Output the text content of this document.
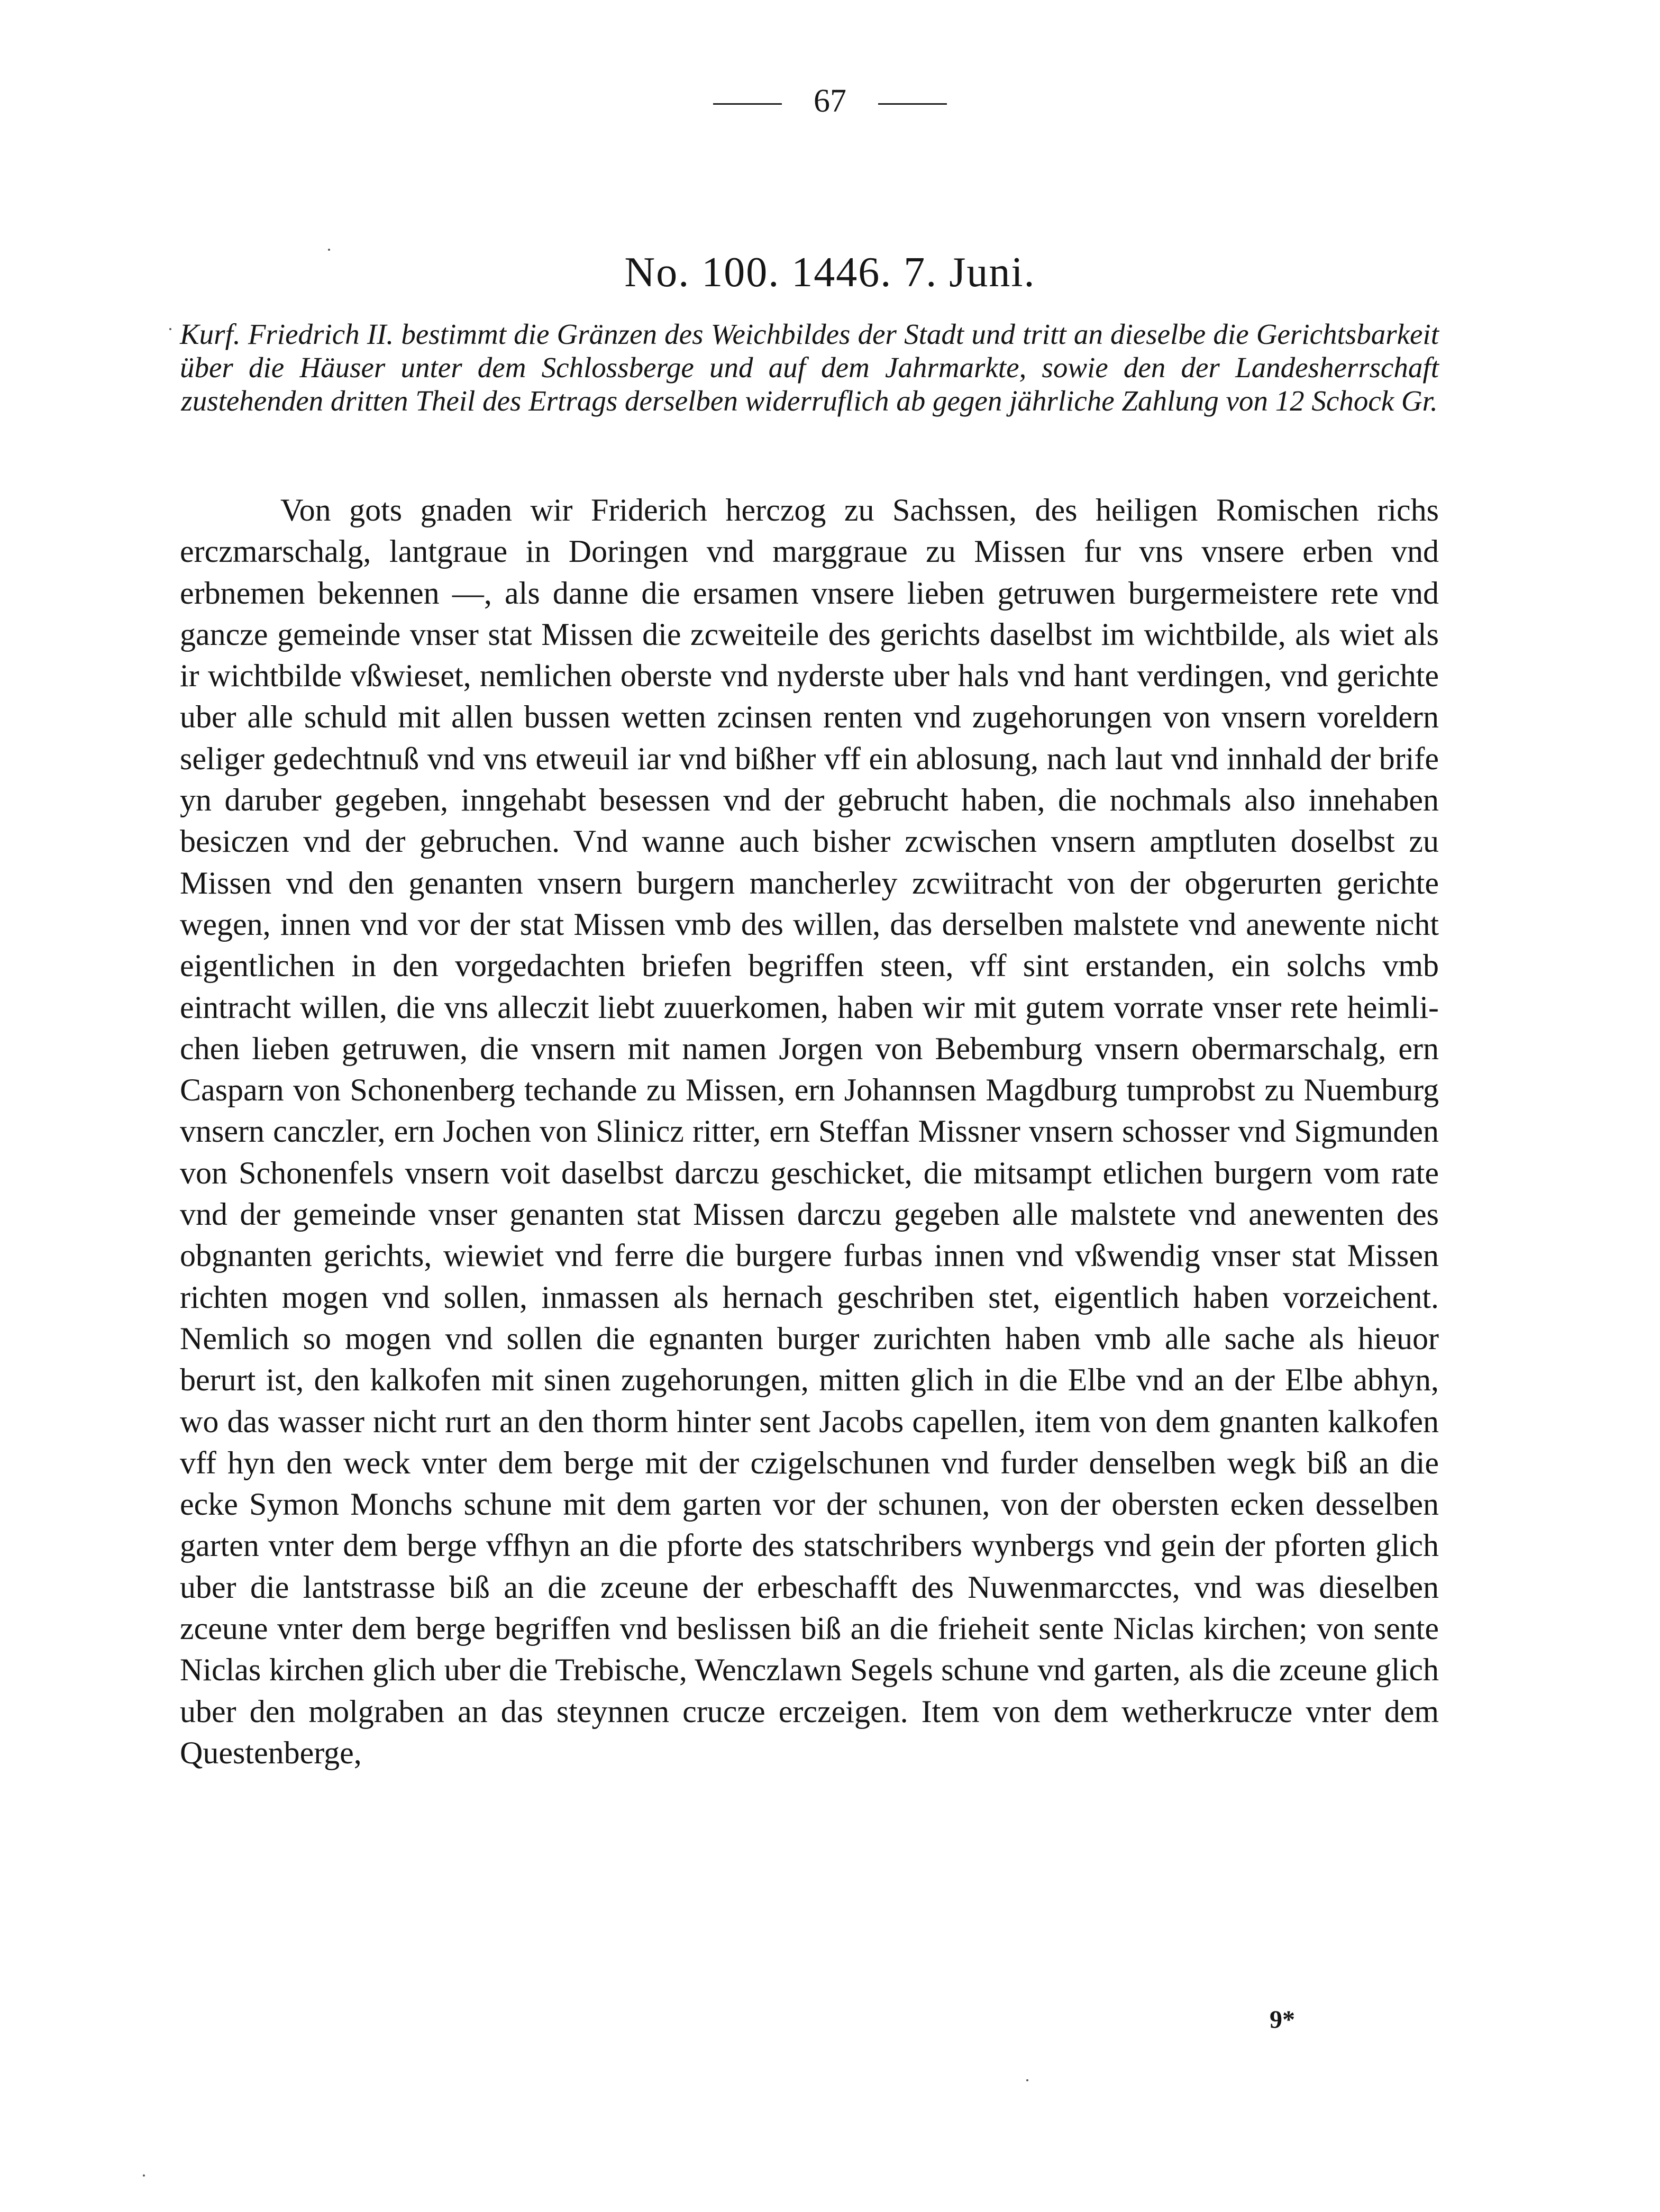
67
No. 100. 1446. 7. Juni.

Kurf. Friedrich II. bestimmt die Gränzen des Weichbildes der Stadt und tritt an dieselbe die Gerichtsbarkeit über die Häuser unter dem Schlossberge und auf dem Jahrmarkte, sowie den der Landesherrschaft zustehenden dritten Theil des Ertrags derselben widerruflich ab gegen jährliche Zahlung von 12 Schock Gr.

Von gots gnaden wir Friderich herczog zu Sachssen, des heiligen Romischen richs erczmarschalg, lantgraue in Doringen vnd marggraue zu Missen fur vns vnsere erben vnd erbnemen bekennen —, als danne die ersamen vnsere lieben getruwen burgermeistere rete vnd gancze gemeinde vnser stat Missen die zcweiteile des gerichts daselbst im wichtbilde, als wiet als ir wichtbilde vßwieset, nemlichen oberste vnd nyderste uber hals vnd hant verdingen, vnd gerichte uber alle schuld mit allen bussen wetten zcinsen renten vnd zugehorungen von vnsern voreldern seliger gedechtnuß vnd vns etweuil iar vnd bißher vff ein ablosung, nach laut vnd innhald der brife yn daruber gegeben, inngehabt besessen vnd der gebrucht haben, die nochmals also innehaben besiczen vnd der gebruchen. Vnd wanne auch bisher zcwischen vnsern amptluten doselbst zu Missen vnd den genanten vnsern burgern mancherley zcwiitracht von der obgerurten gerichte wegen, innen vnd vor der stat Missen vmb des willen, das derselben malstete vnd anewente nicht eigentlichen in den vorgedachten briefen begriffen steen, vff sint erstanden, ein solchs vmb eintracht willen, die vns alleczit liebt zuuerkomen, haben wir mit gutem vorrate vnser rete heimlichen lieben getruwen, die vnsern mit namen Jorgen von Bebemburg vnsern obermarschalg, ern Casparn von Schonenberg techande zu Missen, ern Johannsen Magdburg tumprobst zu Nuemburg vnsern canczler, ern Jochen von Slinicz ritter, ern Steffan Missner vnsern schosser vnd Sigmunden von Schonenfels vnsern voit daselbst darczu geschicket, die mitsampt etlichen burgern vom rate vnd der gemeinde vnser genanten stat Missen darczu gegeben alle malstete vnd anewenten des obgnanten gerichts, wiewiet vnd ferre die burgere furbas innen vnd vßwendig vnser stat Missen richten mogen vnd sollen, inmassen als hernach geschriben stet, eigentlich haben vorzeichent. Nemlich so mogen vnd sollen die egnanten burger zurichten haben vmb alle sache als hieuor berurt ist, den kalkofen mit sinen zugehorungen, mitten glich in die Elbe vnd an der Elbe abhyn, wo das wasser nicht rurt an den thorm hinter sent Jacobs capellen, item von dem gnanten kalkofen vff hyn den weck vnter dem berge mit der czigelschunen vnd furder denselben wegk biß an die ecke Symon Monchs schune mit dem garten vor der schunen, von der obersten ecken desselben garten vnter dem berge vffhyn an die pforte des statschribers wynbergs vnd gein der pforten glich uber die lantstrasse biß an die zceune der erbeschafft des Nuwenmarcctes, vnd was dieselben zceune vnter dem berge begriffen vnd beslissen biß an die frieheit sente Niclas kirchen; von sente Niclas kirchen glich uber die Trebische, Wenczlawn Segels schune vnd garten, als die zceune glich uber den molgraben an das steynnen crucze erczeigen. Item von dem wetherkrucze vnter dem Questenberge,

9*
